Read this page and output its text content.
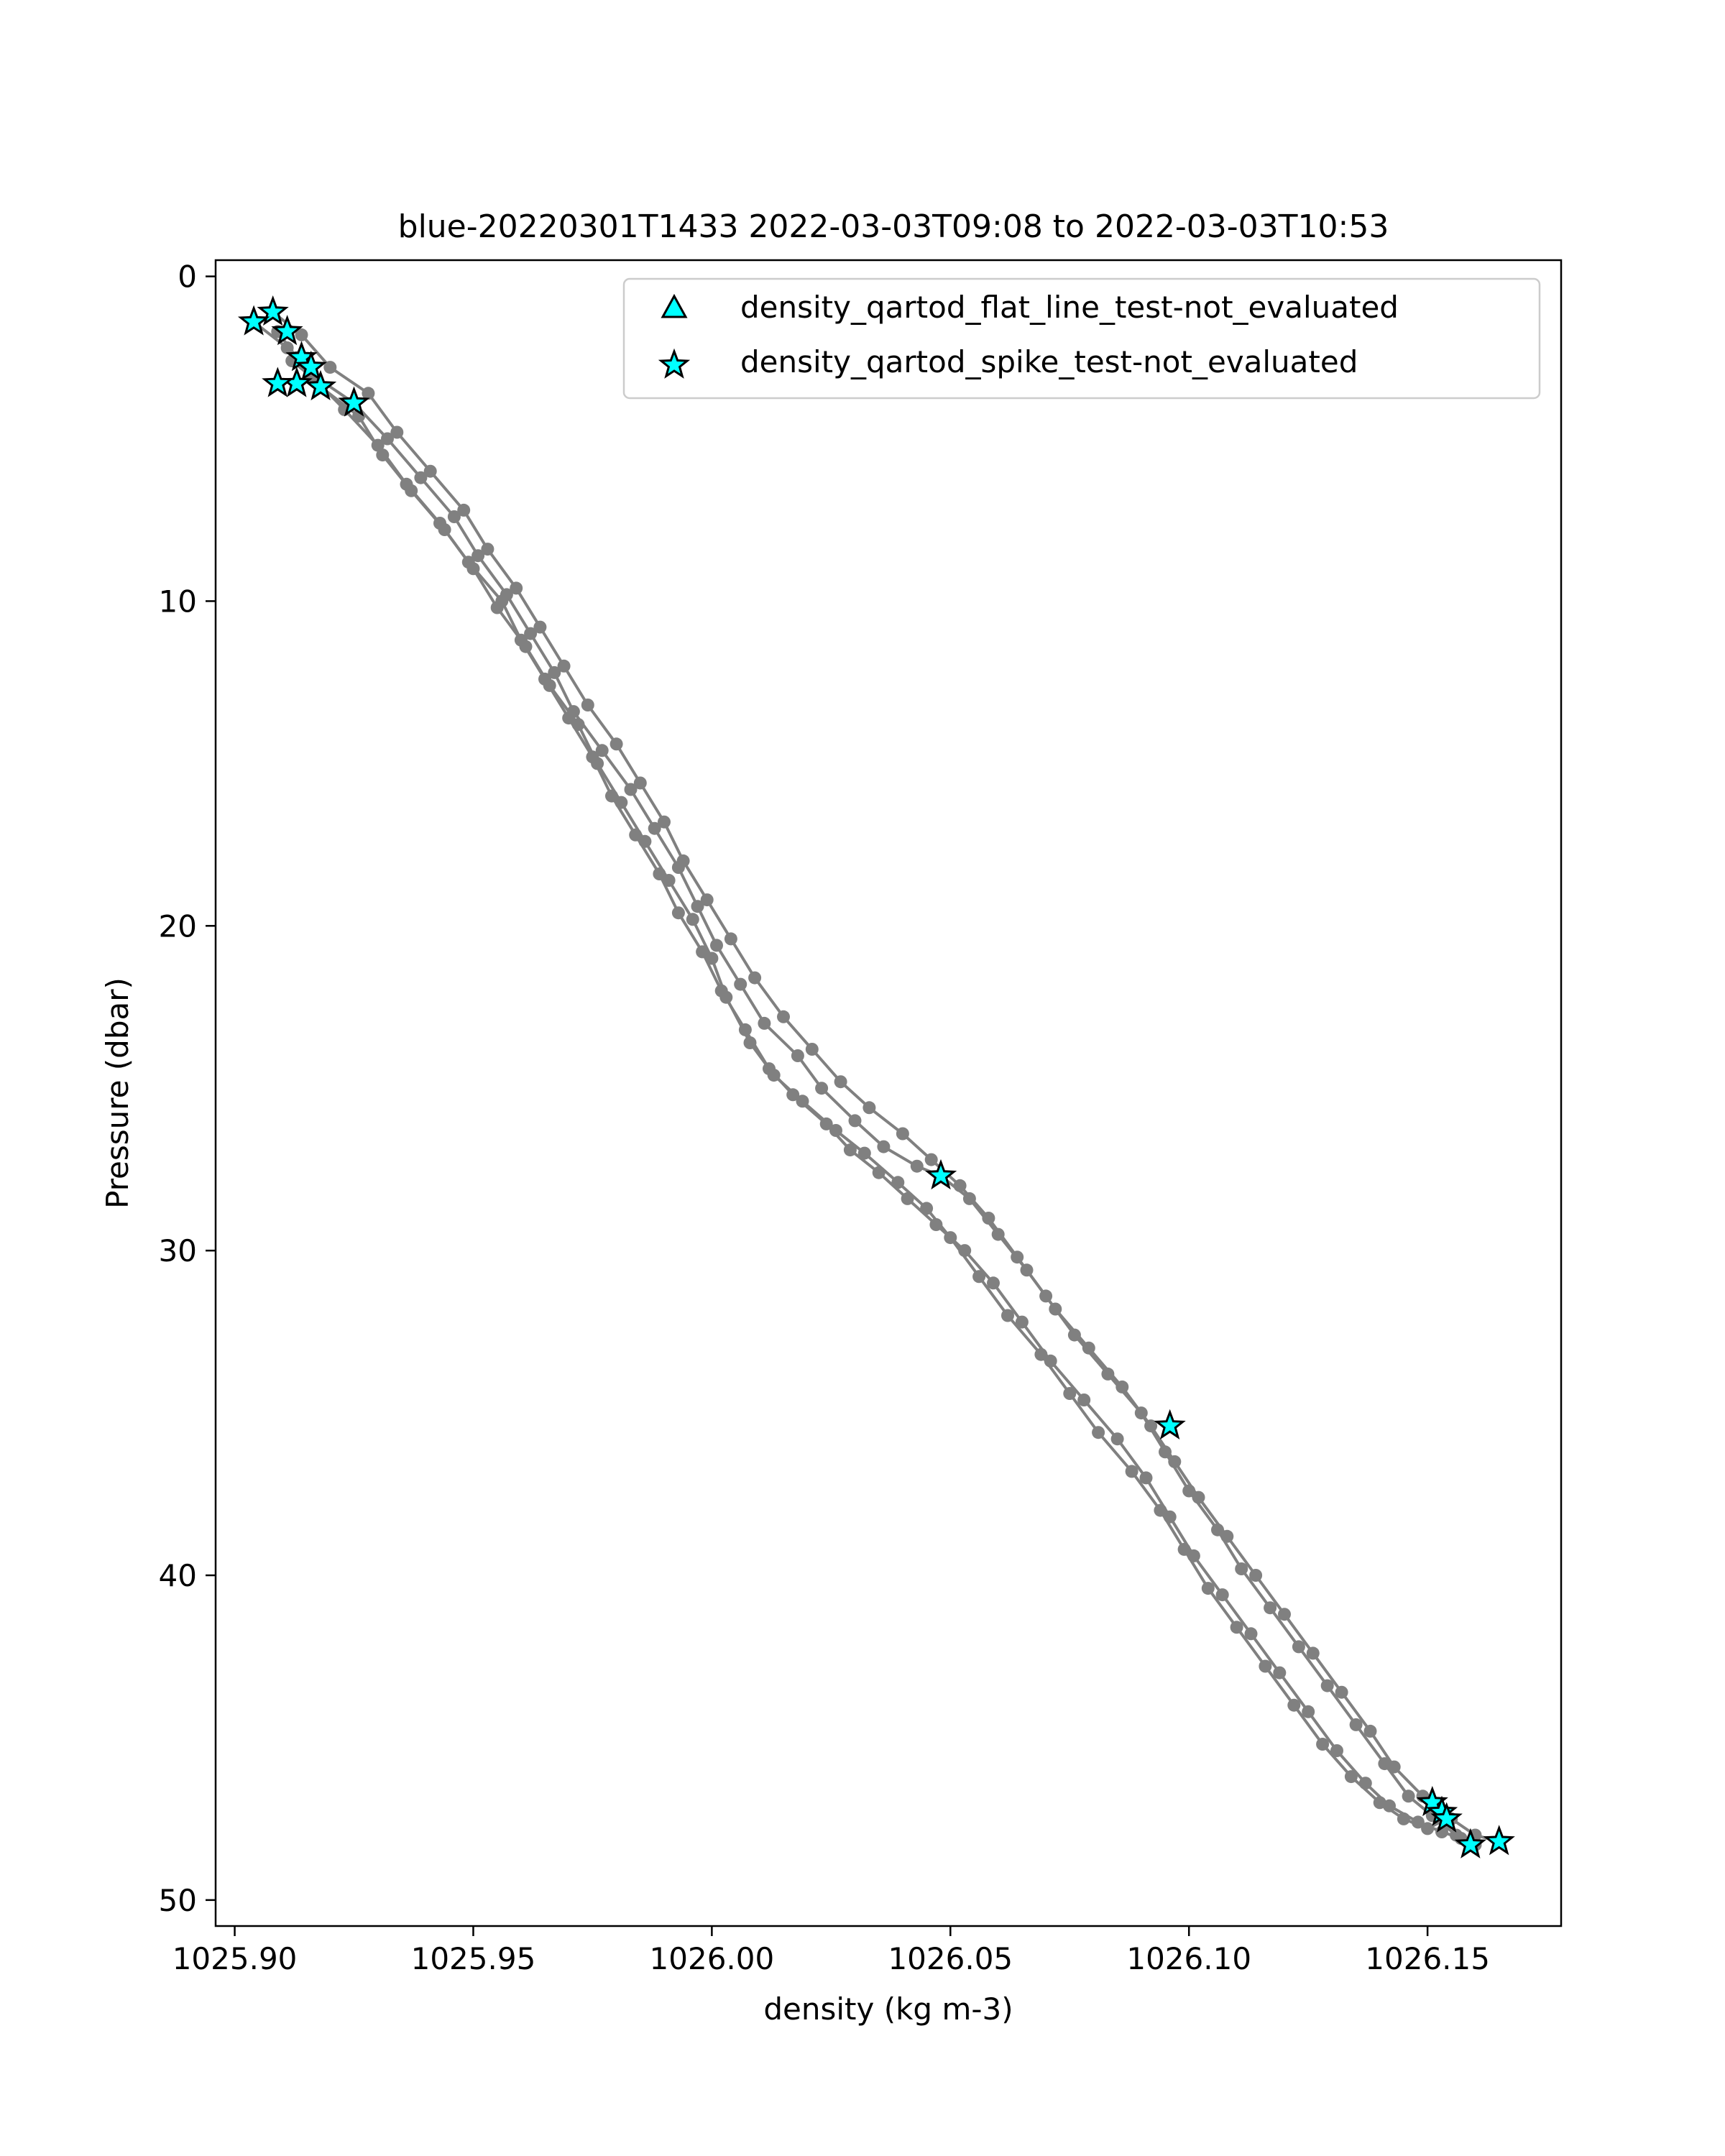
blue-20220301T1433 2022-03-03T09:08 to 2022-03-03T10:53
1025.90	1025.95	1026.00	1026.05	1026.10	1026.15
0
10
20
30
40
50
density (kg m-3)
Pressure (dbar)
density_qartod_flat_line_test-not_evaluated
density_qartod_spike_test-not_evaluated
